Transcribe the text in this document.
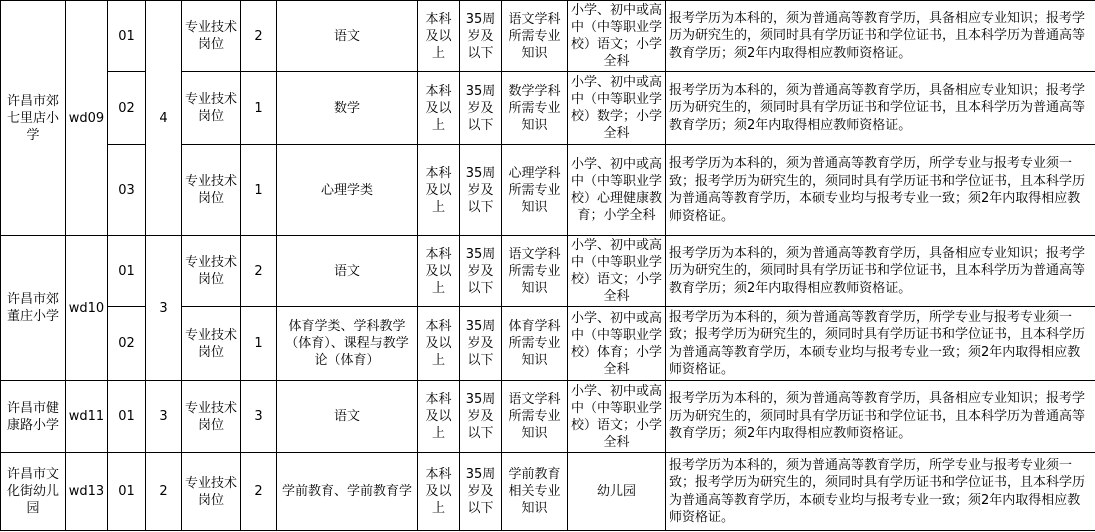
许昌市郊七里店小学	wd09	01	4	专业技术岗位	2	语文	本科及以上	35周岁及以下	语文学科所需专业知识	小学、初中或高中（中等职业学校）语文；小学全科	报考学历为本科的，须为普通高等教育学历，具备相应专业知识；报考学历为研究生的，须同时具有学历证书和学位证书，且本科学历为普通高等教育学历；须2年内取得相应教师资格证。
		02		专业技术岗位	1	数学	本科及以上	35周岁及以下	数学学科所需专业知识	小学、初中或高中（中等职业学校）数学；小学全科	报考学历为本科的，须为普通高等教育学历，具备相应专业知识；报考学历为研究生的，须同时具有学历证书和学位证书，且本科学历为普通高等教育学历；须2年内取得相应教师资格证。
		03		专业技术岗位	1	心理学类	本科及以上	35周岁及以下	心理学科所需专业知识	小学、初中或高中（中等职业学校）心理健康教育；小学全科	报考学历为本科的，须为普通高等教育学历，所学专业与报考专业须一致；报考学历为研究生的，须同时具有学历证书和学位证书，且本科学历为普通高等教育学历，本硕专业均与报考专业一致；须2年内取得相应教师资格证。
许昌市郊董庄小学	wd10	01	3	专业技术岗位	2	语文	本科及以上	35周岁及以下	语文学科所需专业知识	小学、初中或高中（中等职业学校）语文；小学全科	报考学历为本科的，须为普通高等教育学历，具备相应专业知识；报考学历为研究生的，须同时具有学历证书和学位证书，且本科学历为普通高等教育学历；须2年内取得相应教师资格证。
		02		专业技术岗位	1	体育学类、学科教学（体育）、课程与教学论（体育）	本科及以上	35周岁及以下	体育学科所需专业知识	小学、初中或高中（中等职业学校）体育；小学全科	报考学历为本科的，须为普通高等教育学历，所学专业与报考专业须一致；报考学历为研究生的，须同时具有学历证书和学位证书，且本科学历为普通高等教育学历，本硕专业均与报考专业一致；须2年内取得相应教师资格证。
许昌市健康路小学	wd11	01	3	专业技术岗位	3	语文	本科及以上	35周岁及以下	语文学科所需专业知识	小学、初中或高中（中等职业学校）语文；小学全科	报考学历为本科的，须为普通高等教育学历，具备相应专业知识；报考学历为研究生的，须同时具有学历证书和学位证书，且本科学历为普通高等教育学历；须2年内取得相应教师资格证。
许昌市文化街幼儿园	wd13	01	2	专业技术岗位	2	学前教育、学前教育学	本科及以上	35周岁及以下	学前教育相关专业知识	幼儿园	报考学历为本科的，须为普通高等教育学历，所学专业与报考专业须一致；报考学历为研究生的，须同时具有学历证书和学位证书，且本科学历为普通高等教育学历，本硕专业均与报考专业一致；须2年内取得相应教师资格证。
